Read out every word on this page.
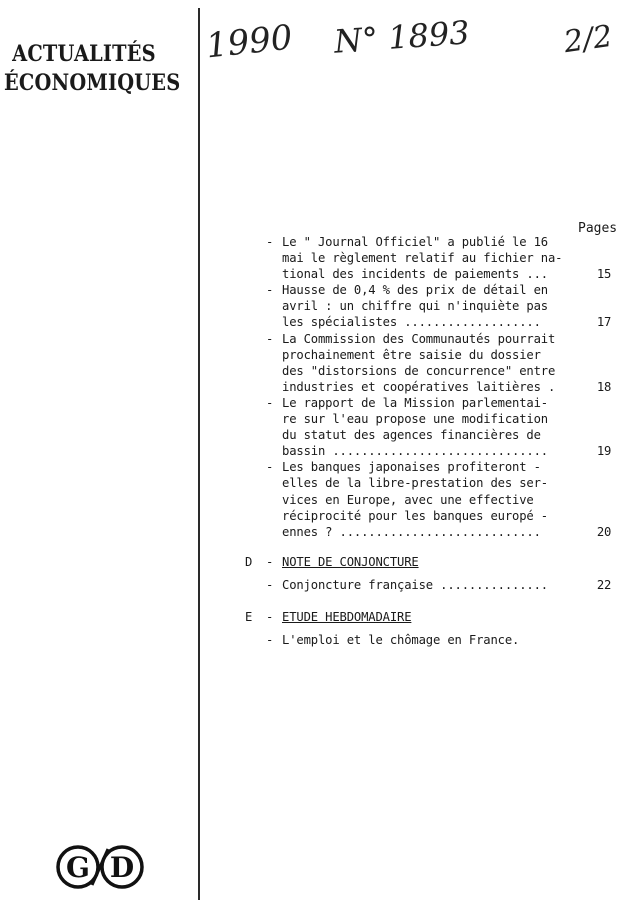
ACTUALITÉS
ÉCONOMIQUES
1990 N° 1893	2/2
G D
Pages
- Le " Journal Officiel" a publié le 16
mai le règlement relatif au fichier na-
tional des incidents de paiements ...	15
- Hausse de 0,4 % des prix de détail en
avril : un chiffre qui n'inquiète pas
les spécialistes ...................	17
- La Commission des Communautés pourrait
prochainement être saisie du dossier
des "distorsions de concurrence" entre
industries et coopératives laitières .	18
- Le rapport de la Mission parlementai-
re sur l'eau propose une modification
du statut des agences financières de
bassin ..............................	19
- Les banques japonaises profiteront -
elles de la libre-prestation des ser-
vices en Europe, avec une effective
réciprocité pour les banques europé -
ennes ? ............................	20
D - NOTE DE CONJONCTURE
- Conjoncture française ...............	22
E - ETUDE HEBDOMADAIRE
- L'emploi et le chômage en France.
